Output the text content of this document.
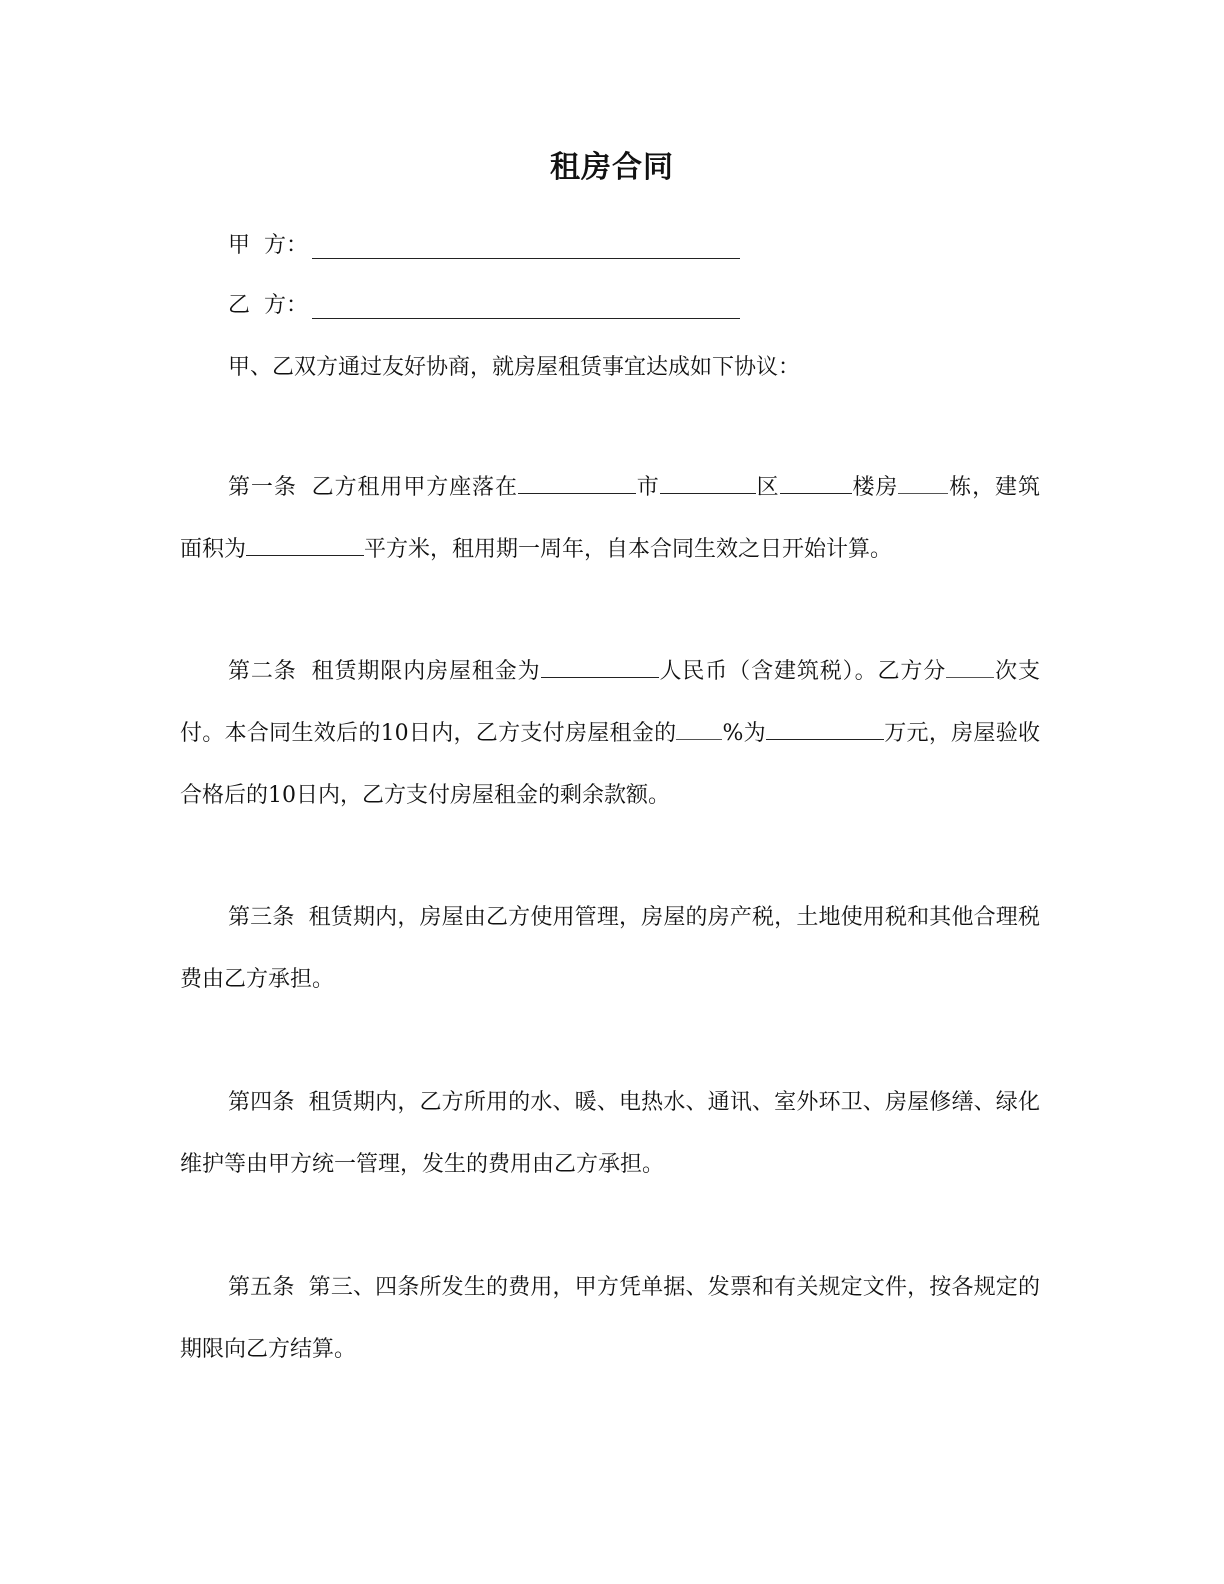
租房合同
甲  方：
乙  方：
甲、乙双方通过友好协商，就房屋租赁事宜达成如下协议：
第一条 乙方租用甲方座落在	市	区	楼房 栋，建筑面积为	平方米，租用期一周年，自本合同生效之日开始计算。
第二条 租赁期限内房屋租金为	人民币（含建筑税）。乙方分 次支付。本合同生效后的10日内，乙方支付房屋租金的 %为	万元，房屋验收合格后的10日内，乙方支付房屋租金的剩余款额。
第三条 租赁期内，房屋由乙方使用管理，房屋的房产税，土地使用税和其他合理税费由乙方承担。
第四条 租赁期内，乙方所用的水、暖、电热水、通讯、室外环卫、房屋修缮、绿化维护等由甲方统一管理，发生的费用由乙方承担。
第五条 第三、四条所发生的费用，甲方凭单据、发票和有关规定文件，按各规定的期限向乙方结算。
